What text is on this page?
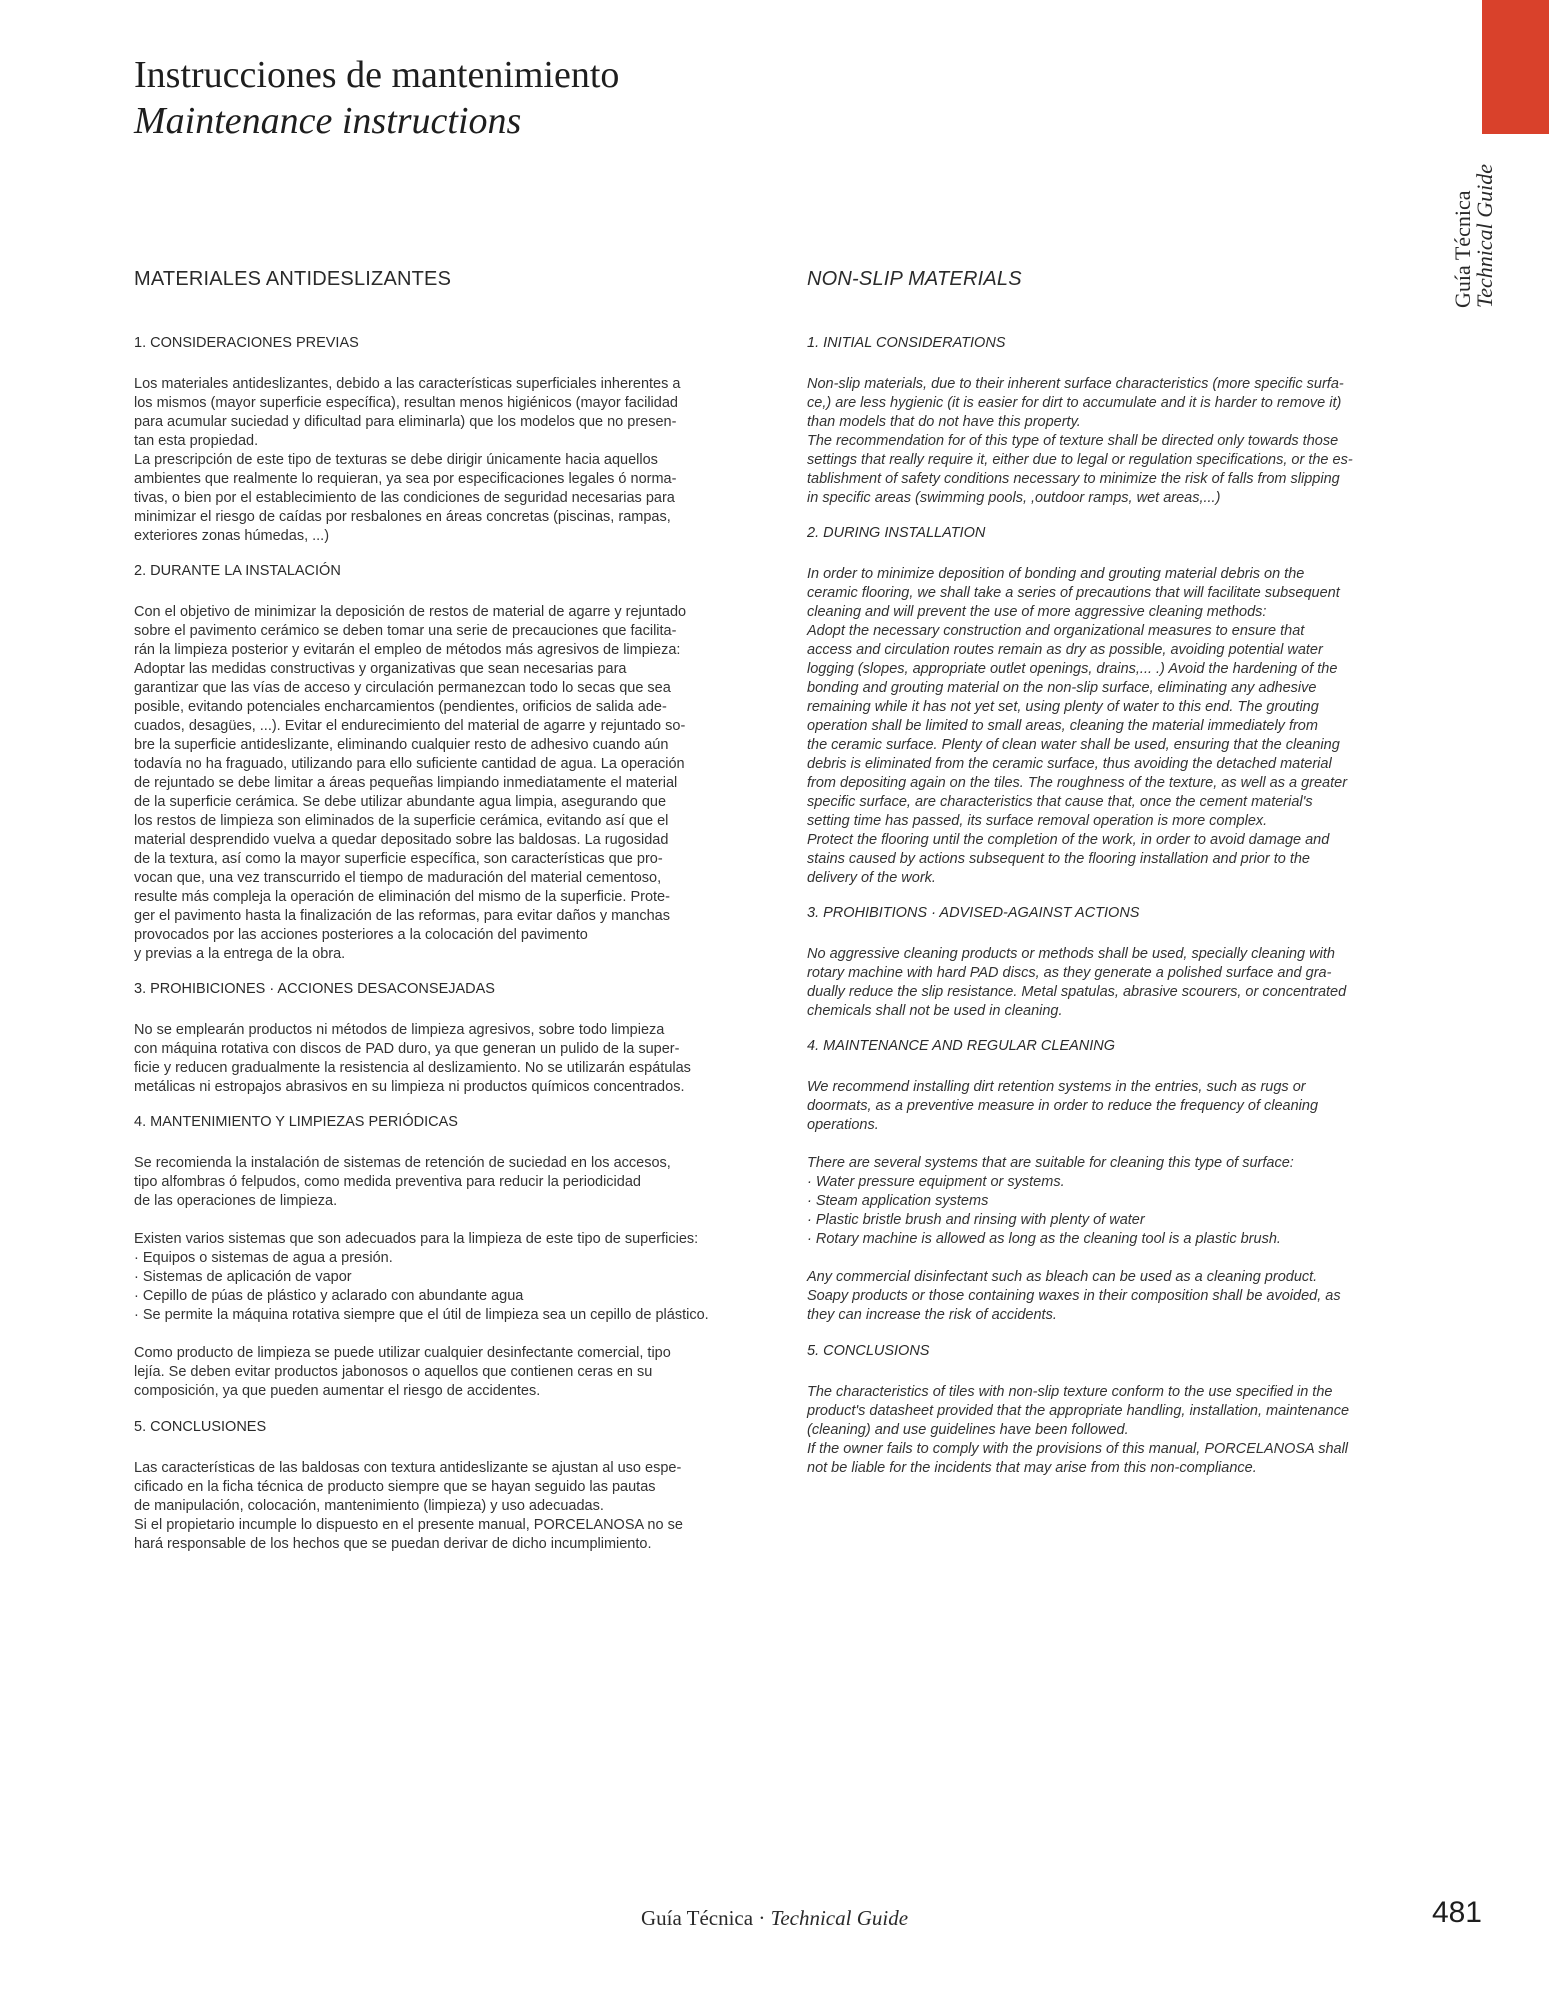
Instrucciones de mantenimiento
Maintenance instructions
Guía Técnica
Technical Guide
MATERIALES ANTIDESLIZANTES
1. CONSIDERACIONES PREVIAS

Los materiales antideslizantes, debido a las características superficiales inherentes a
los mismos (mayor superficie específica), resultan menos higiénicos (mayor facilidad
para acumular suciedad y dificultad para eliminarla) que los modelos que no presen-
tan esta propiedad.
La prescripción de este tipo de texturas se debe dirigir únicamente hacia aquellos
ambientes que realmente lo requieran, ya sea por especificaciones legales ó norma-
tivas, o bien por el establecimiento de las condiciones de seguridad necesarias para
minimizar el riesgo de caídas por resbalones en áreas concretas (piscinas, rampas,
exteriores zonas húmedas, ...)

2. DURANTE LA INSTALACIÓN

Con el objetivo de minimizar la deposición de restos de material de agarre y rejuntado
sobre el pavimento cerámico se deben tomar una serie de precauciones que facilita-
rán la limpieza posterior y evitarán el empleo de métodos más agresivos de limpieza:
Adoptar las medidas constructivas y organizativas que sean necesarias para
garantizar que las vías de acceso y circulación permanezcan todo lo secas que sea
posible, evitando potenciales encharcamientos (pendientes, orificios de salida ade-
cuados, desagües, ...). Evitar el endurecimiento del material de agarre y rejuntado so-
bre la superficie antideslizante, eliminando cualquier resto de adhesivo cuando aún
todavía no ha fraguado, utilizando para ello suficiente cantidad de agua. La operación
de rejuntado se debe limitar a áreas pequeñas limpiando inmediatamente el material
de la superficie cerámica. Se debe utilizar abundante agua limpia, asegurando que
los restos de limpieza son eliminados de la superficie cerámica, evitando así que el
material desprendido vuelva a quedar depositado sobre las baldosas. La rugosidad
de la textura, así como la mayor superficie específica, son características que pro-
vocan que, una vez transcurrido el tiempo de maduración del material cementoso,
resulte más compleja la operación de eliminación del mismo de la superficie. Prote-
ger el pavimento hasta la finalización de las reformas, para evitar daños y manchas
provocados por las acciones posteriores a la colocación del pavimento
y previas a la entrega de la obra.

3. PROHIBICIONES · ACCIONES DESACONSEJADAS

No se emplearán productos ni métodos de limpieza agresivos, sobre todo limpieza
con máquina rotativa con discos de PAD duro, ya que generan un pulido de la super-
ficie y reducen gradualmente la resistencia al deslizamiento. No se utilizarán espátulas
metálicas ni estropajos abrasivos en su limpieza ni productos químicos concentrados.

4. MANTENIMIENTO Y LIMPIEZAS PERIÓDICAS

Se recomienda la instalación de sistemas de retención de suciedad en los accesos,
tipo alfombras ó felpudos, como medida preventiva para reducir la periodicidad
de las operaciones de limpieza.

Existen varios sistemas que son adecuados para la limpieza de este tipo de superficies:
· Equipos o sistemas de agua a presión.
· Sistemas de aplicación de vapor
· Cepillo de púas de plástico y aclarado con abundante agua
· Se permite la máquina rotativa siempre que el útil de limpieza sea un cepillo de plástico.

Como producto de limpieza se puede utilizar cualquier desinfectante comercial, tipo
lejía. Se deben evitar productos jabonosos o aquellos que contienen ceras en su
composición, ya que pueden aumentar el riesgo de accidentes.

5. CONCLUSIONES

Las características de las baldosas con textura antideslizante se ajustan al uso espe-
cificado en la ficha técnica de producto siempre que se hayan seguido las pautas
de manipulación, colocación, mantenimiento (limpieza) y uso adecuadas.
Si el propietario incumple lo dispuesto en el presente manual, PORCELANOSA no se
hará responsable de los hechos que se puedan derivar de dicho incumplimiento.

NON-SLIP MATERIALS
1. INITIAL CONSIDERATIONS

Non-slip materials, due to their inherent surface characteristics (more specific surfa-
ce,) are less hygienic (it is easier for dirt to accumulate and it is harder to remove it)
than models that do not have this property.
The recommendation for of this type of texture shall be directed only towards those
settings that really require it, either due to legal or regulation specifications, or the es-
tablishment of safety conditions necessary to minimize the risk of falls from slipping
in specific areas (swimming pools, ,outdoor ramps, wet areas,...)

2. DURING INSTALLATION

In order to minimize deposition of bonding and grouting material debris on the
ceramic flooring, we shall take a series of precautions that will facilitate subsequent
cleaning and will prevent the use of more aggressive cleaning methods:
Adopt the necessary construction and organizational measures to ensure that
access and circulation routes remain as dry as possible, avoiding potential water
logging (slopes, appropriate outlet openings, drains,... .) Avoid the hardening of the
bonding and grouting material on the non-slip surface, eliminating any adhesive
remaining while it has not yet set, using plenty of water to this end. The grouting
operation shall be limited to small areas, cleaning the material immediately from
the ceramic surface. Plenty of clean water shall be used, ensuring that the cleaning
debris is eliminated from the ceramic surface, thus avoiding the detached material
from depositing again on the tiles. The roughness of the texture, as well as a greater
specific surface, are characteristics that cause that, once the cement material's
setting time has passed, its surface removal operation is more complex.
Protect the flooring until the completion of the work, in order to avoid damage and
stains caused by actions subsequent to the flooring installation and prior to the
delivery of the work.

3. PROHIBITIONS · ADVISED-AGAINST ACTIONS

No aggressive cleaning products or methods shall be used, specially cleaning with
rotary machine with hard PAD discs, as they generate a polished surface and gra-
dually reduce the slip resistance. Metal spatulas, abrasive scourers, or concentrated
chemicals shall not be used in cleaning.

4. MAINTENANCE AND REGULAR CLEANING

We recommend installing dirt retention systems in the entries, such as rugs or
doormats, as a preventive measure in order to reduce the frequency of cleaning
operations.

There are several systems that are suitable for cleaning this type of surface:
· Water pressure equipment or systems.
· Steam application systems
· Plastic bristle brush and rinsing with plenty of water
· Rotary machine is allowed as long as the cleaning tool is a plastic brush.

Any commercial disinfectant such as bleach can be used as a cleaning product.
Soapy products or those containing waxes in their composition shall be avoided, as
they can increase the risk of accidents.

5. CONCLUSIONS

The characteristics of tiles with non-slip texture conform to the use specified in the
product's datasheet provided that the appropriate handling, installation, maintenance
(cleaning) and use guidelines have been followed.
If the owner fails to comply with the provisions of this manual, PORCELANOSA shall
not be liable for the incidents that may arise from this non-compliance.

Guía Técnica · Technical Guide	481
